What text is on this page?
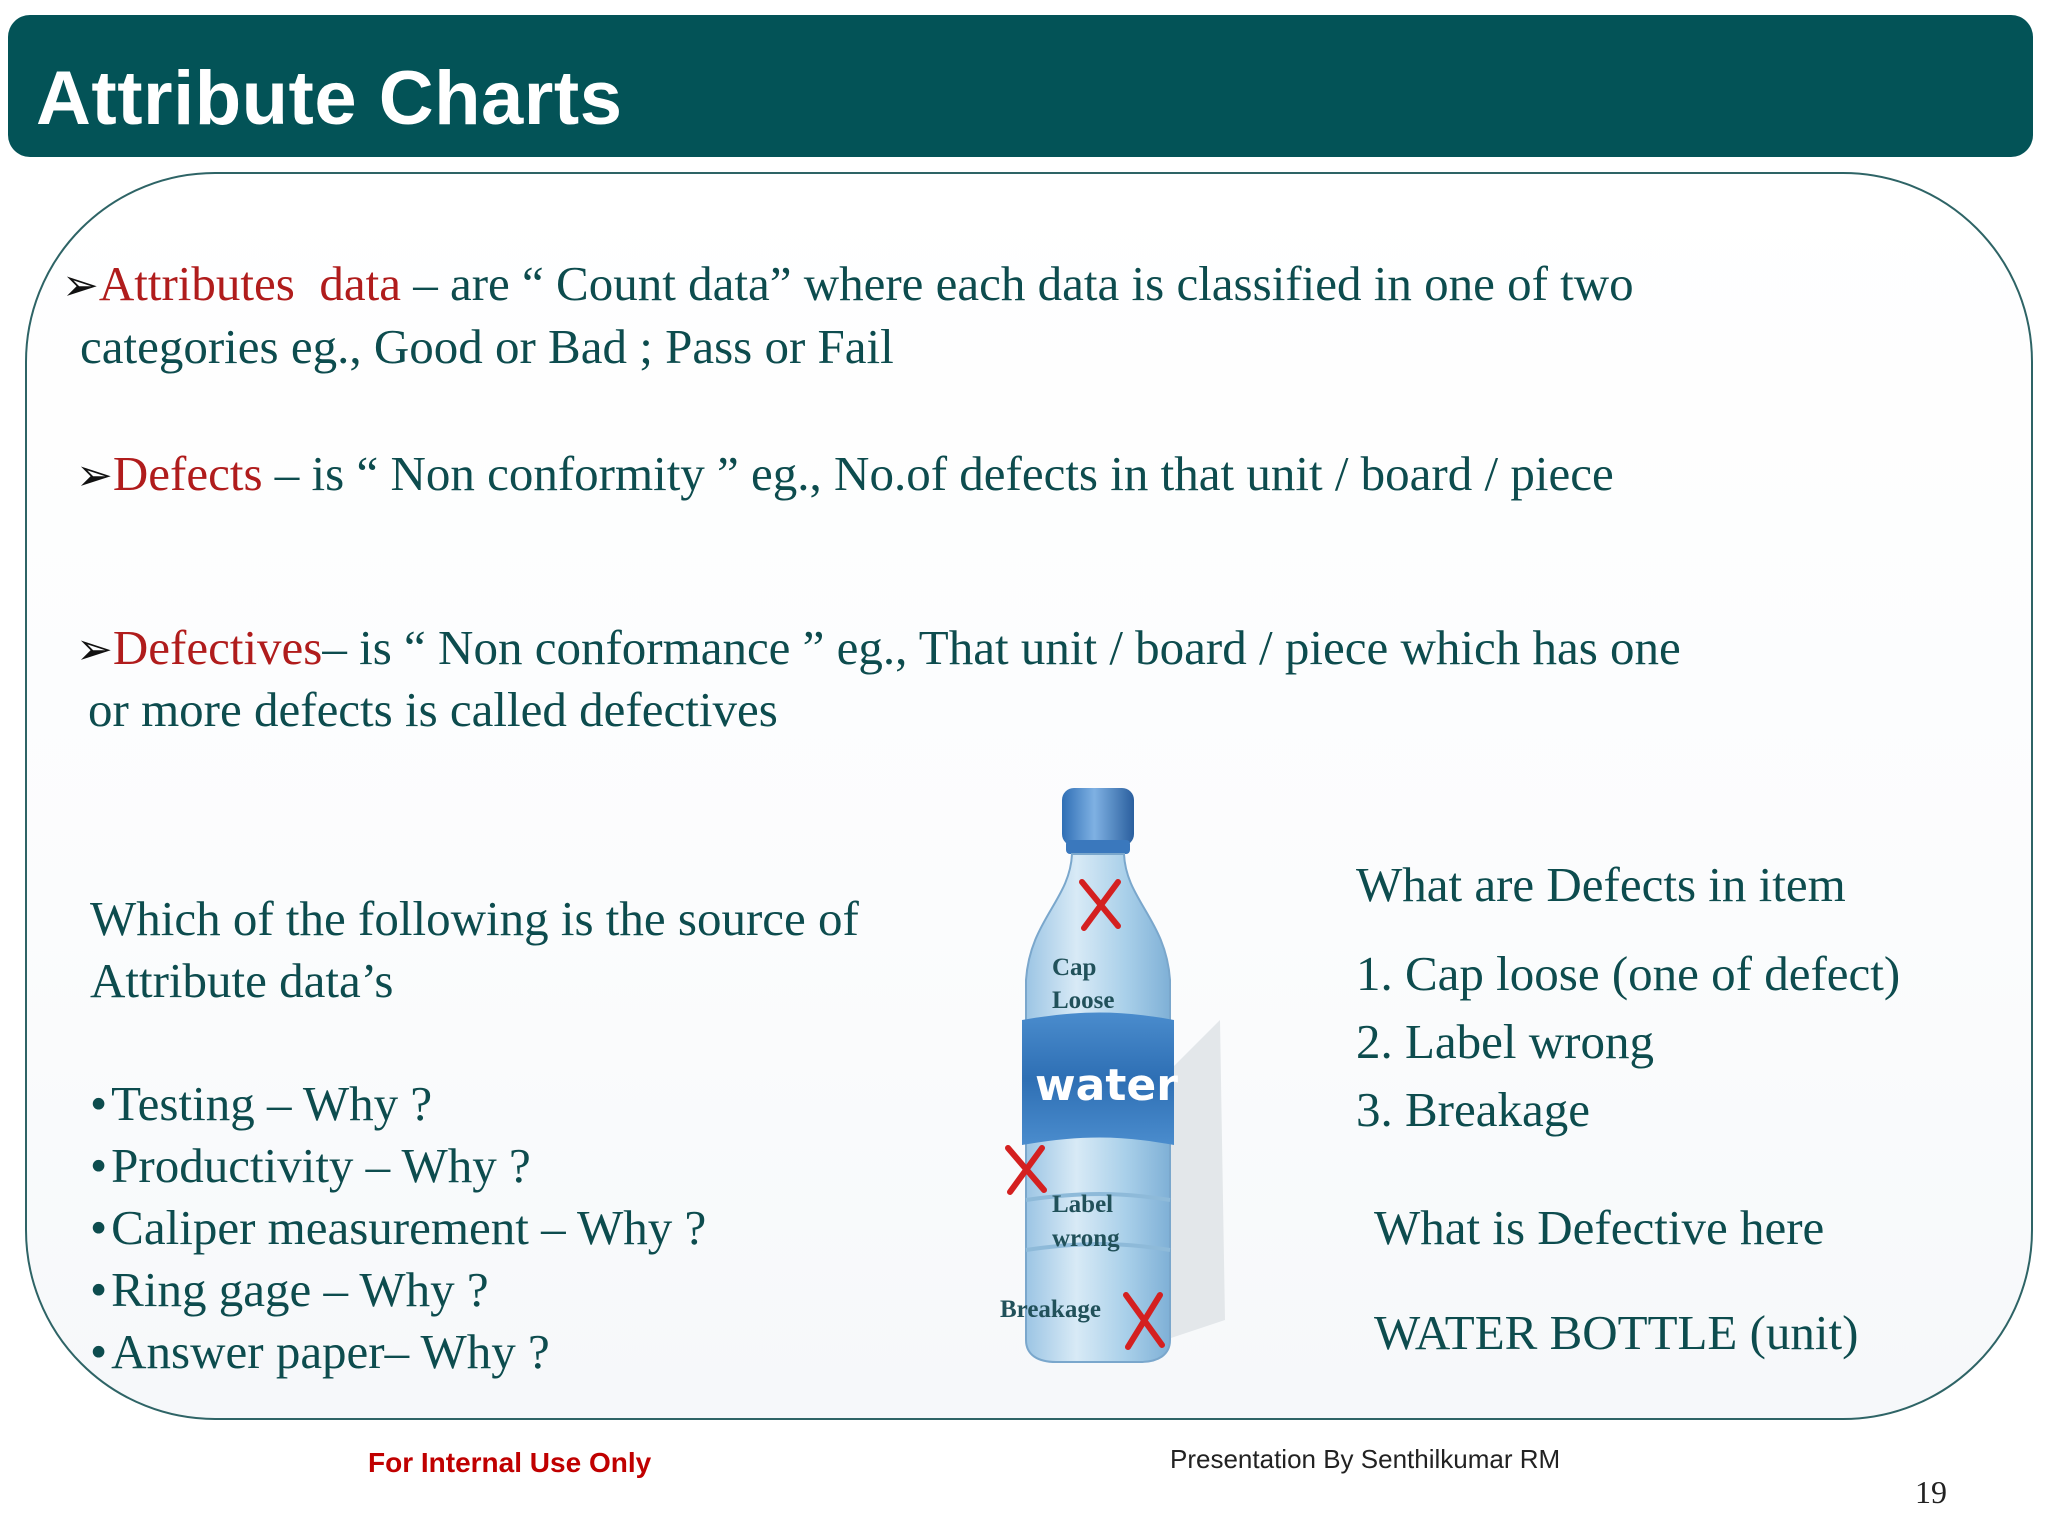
Attribute Charts
➢Attributes data – are “ Count data” where each data is classified in one of two
categories eg., Good or Bad ; Pass or Fail
➢Defects – is “ Non conformity ” eg., No.of defects in that unit / board / piece
➢Defectives– is “ Non conformance ” eg., That unit / board / piece which has one
or more defects is called defectives
Which of the following is the source of
Attribute data’s
•Testing – Why ?
•Productivity – Why ?
•Caliper measurement – Why ?
•Ring gage – Why ?
•Answer paper– Why ?
water
Cap
Loose
Label
wrong
Breakage
What are Defects in item
1. Cap loose (one of defect)
2. Label wrong
3. Breakage
What is Defective here
WATER BOTTLE (unit)
For Internal Use Only	Presentation By Senthilkumar RM
19
